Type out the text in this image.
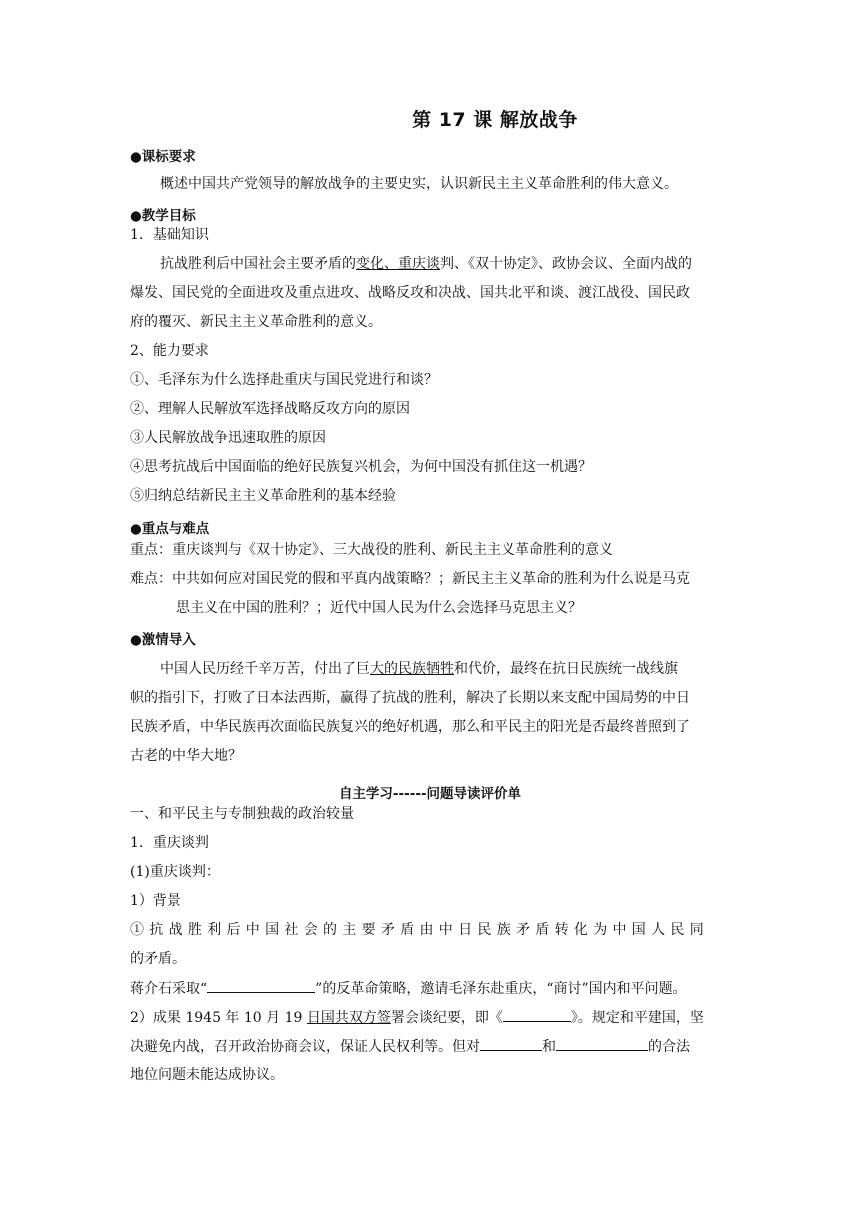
第 17 课 解放战争
●课标要求
概述中国共产党领导的解放战争的主要史实，认识新民主主义革命胜利的伟大意义。
●教学目标
1．基础知识
抗战胜利后中国社会主要矛盾的变化、重庆谈判、《双十协定》、政协会议、全面内战的
爆发、国民党的全面进攻及重点进攻、战略反攻和决战、国共北平和谈、渡江战役、国民政
府的覆灭、新民主主义革命胜利的意义。
2、能力要求
①、毛泽东为什么选择赴重庆与国民党进行和谈？
②、理解人民解放军选择战略反攻方向的原因
③人民解放战争迅速取胜的原因
④思考抗战后中国面临的绝好民族复兴机会，为何中国没有抓住这一机遇？
⑤归纳总结新民主主义革命胜利的基本经验
●重点与难点
重点：重庆谈判与《双十协定》、三大战役的胜利、新民主主义革命胜利的意义
难点：中共如何应对国民党的假和平真内战策略？；新民主主义革命的胜利为什么说是马克
思主义在中国的胜利？；近代中国人民为什么会选择马克思主义？
●激情导入
中国人民历经千辛万苦，付出了巨大的民族牺牲和代价，最终在抗日民族统一战线旗
帜的指引下，打败了日本法西斯，赢得了抗战的胜利，解决了长期以来支配中国局势的中日
民族矛盾，中华民族再次面临民族复兴的绝好机遇，那么和平民主的阳光是否最终普照到了
古老的中华大地？
自主学习------问题导读评价单
一、和平民主与专制独裁的政治较量
1．重庆谈判
(1)重庆谈判：
1）背景
①抗战胜利后中国社会的主要矛盾由中日民族矛盾转化为中国人民同
的矛盾。
蒋介石采取“	”的反革命策略，邀请毛泽东赴重庆，“商讨”国内和平问题。
2）成果 1945 年 10 月 19 日国共双方签署会谈纪要，即《	》。规定和平建国，坚
决避免内战，召开政治协商会议，保证人民权利等。但对	和	的合法
地位问题未能达成协议。
